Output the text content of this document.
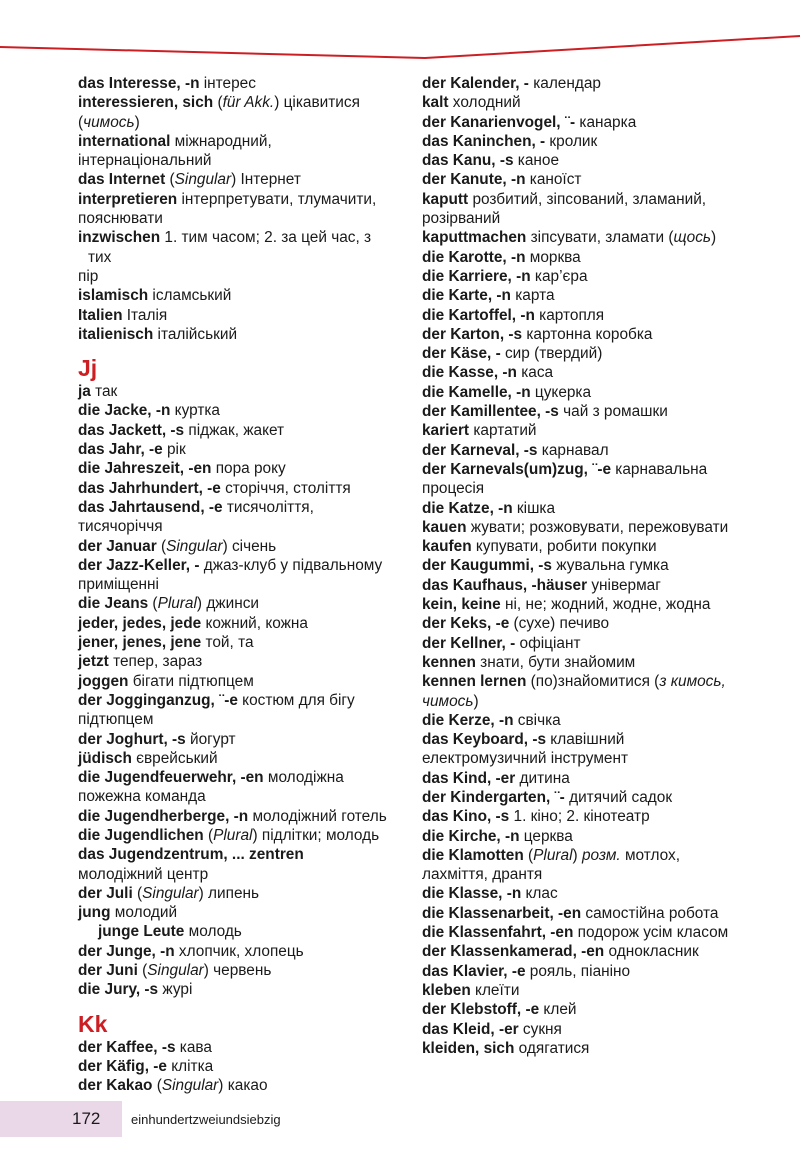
das Interesse, -n інтерес
interessieren, sich (für Akk.) цікавитися
(чимось)
international міжнародний,
інтернаціональний
das Internet (Singular) Інтернет
interpretieren інтерпретувати, тлумачити,
пояснювати
inzwischen 1. тим часом; 2. за цей час, з тих
пір
islamisch ісламський
Italien Італія
italienisch італійський
Jj
ja так
die Jacke, -n куртка
das Jackett, -s піджак, жакет
das Jahr, -e рік
die Jahreszeit, -en пора року
das Jahrhundert, -e сторіччя, століття
das Jahrtausend, -e тисячоліття,
тисячоріччя
der Januar (Singular) січень
der Jazz-Keller, - джаз-клуб у підвальному
приміщенні
die Jeans (Plural) джинси
jeder, jedes, jede кожний, кожна
jener, jenes, jene той, та
jetzt тепер, зараз
joggen бігати підтюпцем
der Jogginganzug, ¨-e костюм для бігу
підтюпцем
der Joghurt, -s йогурт
jüdisch єврейський
die Jugendfeuerwehr, -en молодіжна
пожежна команда
die Jugendherberge, -n молодіжний готель
die Jugendlichen (Plural) підлітки; молодь
das Jugendzentrum, ... zentren
молодіжний центр
der Juli (Singular) липень
jung молодий
junge Leute молодь
der Junge, -n хлопчик, хлопець
der Juni (Singular) червень
die Jury, -s журі
Kk
der Kaffee, -s кава
der Käfig, -e клітка
der Kakao (Singular) какао
der Kalender, - календар
kalt холодний
der Kanarienvogel, ¨- канарка
das Kaninchen, - кролик
das Kanu, -s каное
der Kanute, -n каноїст
kaputt розбитий, зіпсований, зламаний,
розірваний
kaputtmachen зіпсувати, зламати (щось)
die Karotte, -n морква
die Karriere, -n кар’єра
die Karte, -n карта
die Kartoffel, -n картопля
der Karton, -s картонна коробка
der Käse, - сир (твердий)
die Kasse, -n каса
die Kamelle, -n цукерка
der Kamillentee, -s чай з ромашки
kariert картатий
der Karneval, -s карнавал
der Karnevals(um)zug, ¨-e карнавальна
процесія
die Katze, -n кішка
kauen жувати; розжовувати, пережовувати
kaufen купувати, робити покупки
der Kaugummi, -s жувальна гумка
das Kaufhaus, -häuser універмаг
kein, keine ні, не; жодний, жодне, жодна
der Keks, -e (сухе) печиво
der Kellner, - офіціант
kennen знати, бути знайомим
kennen lernen (по)знайомитися (з кимось,
чимось)
die Kerze, -n свічка
das Keyboard, -s клавішний
електромузичний інструмент
das Kind, -er дитина
der Kindergarten, ¨- дитячий садок
das Kino, -s 1. кіно; 2. кінотеатр
die Kirche, -n церква
die Klamotten (Plural) розм. мотлох,
лахміття, дрантя
die Klasse, -n клас
die Klassenarbeit, -en самостійна робота
die Klassenfahrt, -en подорож усім класом
der Klassenkamerad, -en однокласник
das Klavier, -e рояль, піаніно
kleben клеїти
der Klebstoff, -e клей
das Kleid, -er сукня
kleiden, sich одягатися
172 einhundertzweiundsiebzig
